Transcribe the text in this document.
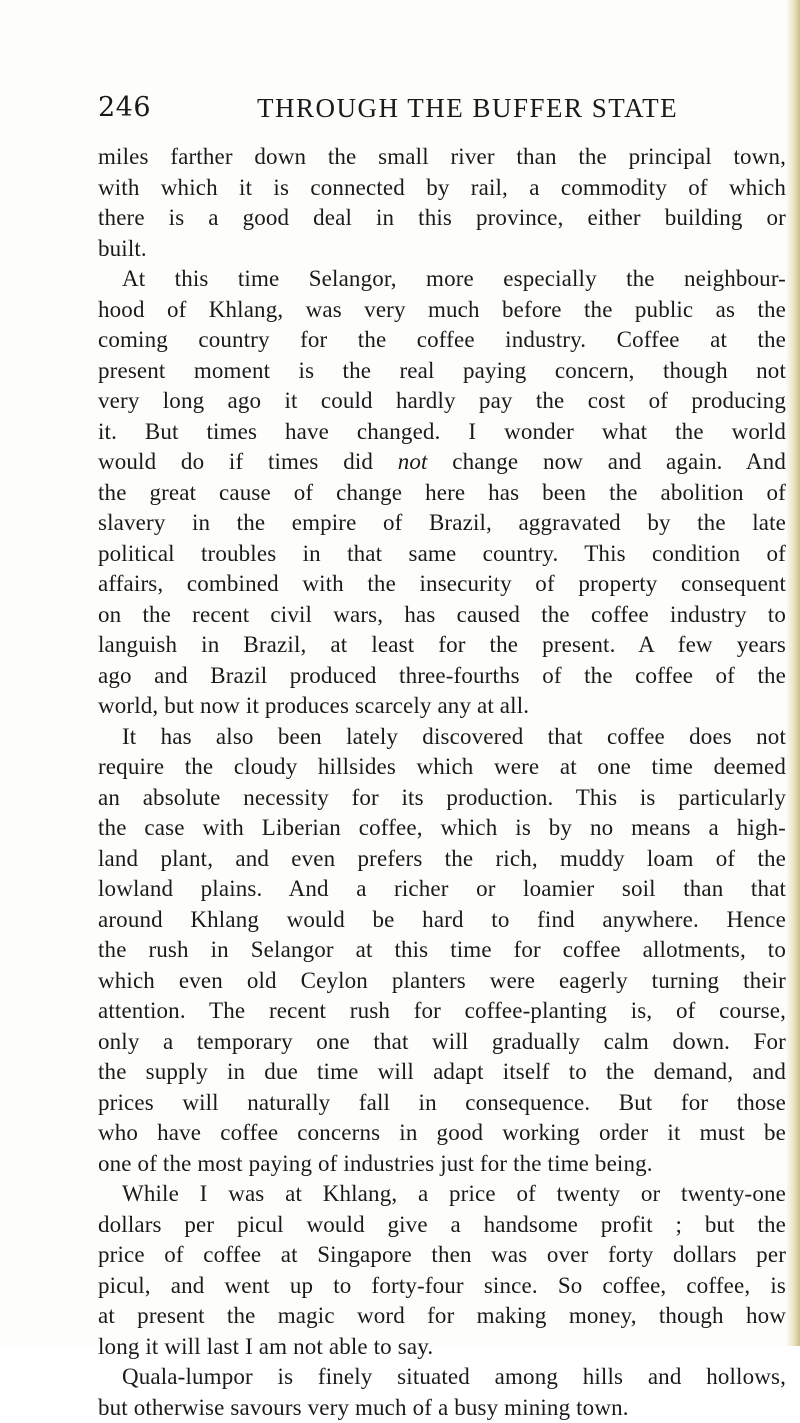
246	THROUGH THE BUFFER STATE
miles farther down the small river than the principal town,
with which it is connected by rail, a commodity of which
there is a good deal in this province, either building or
built.
At this time Selangor, more especially the neighbour-
hood of Khlang, was very much before the public as the
coming country for the coffee industry. Coffee at the
present moment is the real paying concern, though not
very long ago it could hardly pay the cost of producing
it. But times have changed. I wonder what the world
would do if times did not change now and again. And
the great cause of change here has been the abolition of
slavery in the empire of Brazil, aggravated by the late
political troubles in that same country. This condition of
affairs, combined with the insecurity of property consequent
on the recent civil wars, has caused the coffee industry to
languish in Brazil, at least for the present. A few years
ago and Brazil produced three-fourths of the coffee of the
world, but now it produces scarcely any at all.
It has also been lately discovered that coffee does not
require the cloudy hillsides which were at one time deemed
an absolute necessity for its production. This is particularly
the case with Liberian coffee, which is by no means a high-
land plant, and even prefers the rich, muddy loam of the
lowland plains. And a richer or loamier soil than that
around Khlang would be hard to find anywhere. Hence
the rush in Selangor at this time for coffee allotments, to
which even old Ceylon planters were eagerly turning their
attention. The recent rush for coffee-planting is, of course,
only a temporary one that will gradually calm down. For
the supply in due time will adapt itself to the demand, and
prices will naturally fall in consequence. But for those
who have coffee concerns in good working order it must be
one of the most paying of industries just for the time being.
While I was at Khlang, a price of twenty or twenty-one
dollars per picul would give a handsome profit ; but the
price of coffee at Singapore then was over forty dollars per
picul, and went up to forty-four since. So coffee, coffee, is
at present the magic word for making money, though how
long it will last I am not able to say.
Quala-lumpor is finely situated among hills and hollows,
but otherwise savours very much of a busy mining town.
